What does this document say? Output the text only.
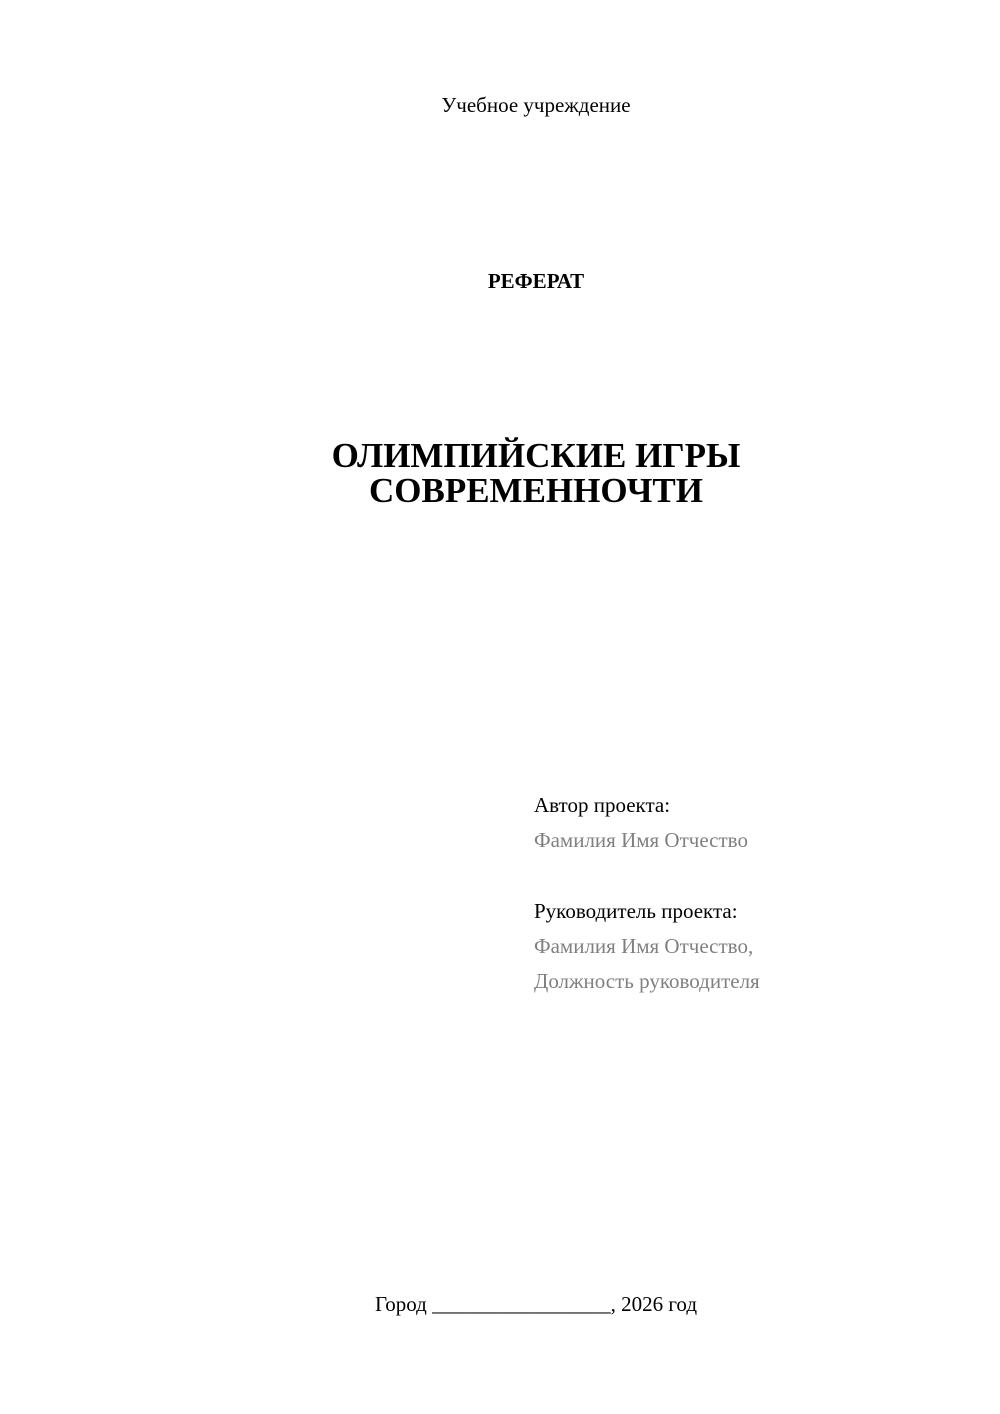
Учебное учреждение
РЕФЕРАТ
ОЛИМПИЙСКИЕ ИГРЫ
СОВРЕМЕННОЧТИ
Автор проекта:
Фамилия Имя Отчество
Руководитель проекта:
Фамилия Имя Отчество,
Должность руководителя
Город _________________, 2026 год
